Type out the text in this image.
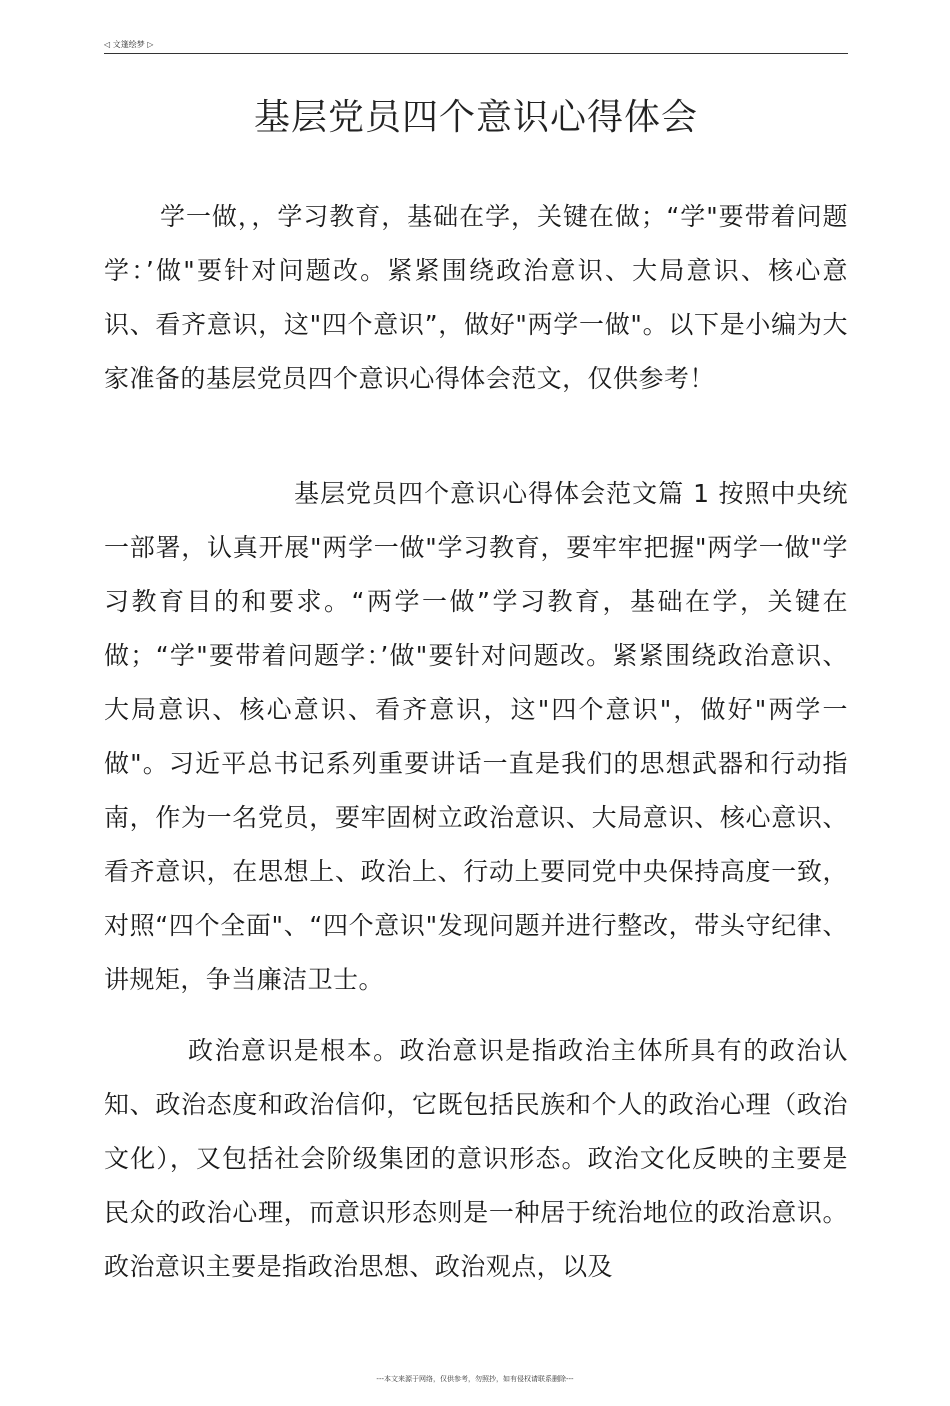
◁ 文篷绘梦 ▷
基层党员四个意识心得体会

学一做，，学习教育，基础在学，关键在做；“学"要带着问题学：’做"要针对问题改。紧紧围绕政治意识、大局意识、核心意识、看齐意识，这"四个意识”，做好"两学一做"。以下是小编为大家准备的基层党员四个意识心得体会范文，仅供参考！

基层党员四个意识心得体会范文篇 1 按照中央统一部署，认真开展"两学一做"学习教育，要牢牢把握"两学一做"学习教育目的和要求。“两学一做”学习教育，基础在学，关键在做；“学"要带着问题学：’做"要针对问题改。紧紧围绕政治意识、大局意识、核心意识、看齐意识，这"四个意识"，做好"两学一做"。习近平总书记系列重要讲话一直是我们的思想武器和行动指南，作为一名党员，要牢固树立政治意识、大局意识、核心意识、看齐意识，在思想上、政治上、行动上要同党中央保持高度一致，对照“四个全面"、“四个意识"发现问题并进行整改，带头守纪律、讲规矩，争当廉洁卫士。

政治意识是根本。政治意识是指政治主体所具有的政治认知、政治态度和政治信仰，它既包括民族和个人的政治心理（政治文化），又包括社会阶级集团的意识形态。政治文化反映的主要是民众的政治心理，而意识形态则是一种居于统治地位的政治意识。政治意识主要是指政治思想、政治观点，以及

---本文来源于网络，仅供参考，勿照抄，如有侵权请联系删除---
